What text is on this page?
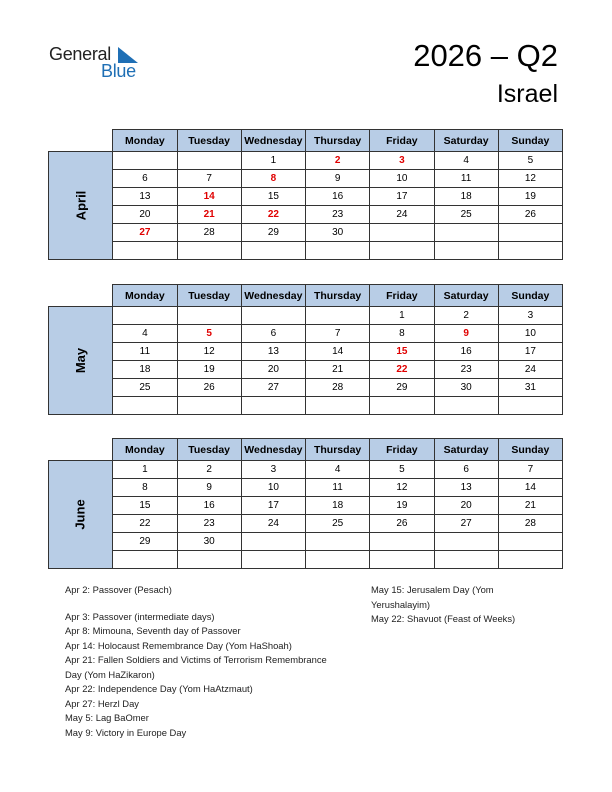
General
Blue	2026 – Q2
Israel
	Monday	Tuesday	Wednesday	Thursday	Friday	Saturday	Sunday
April			1	2	3	4	5
	6	7	8	9	10	11	12
	13	14	15	16	17	18	19
	20	21	22	23	24	25	26
	27	28	29	30			

	Monday	Tuesday	Wednesday	Thursday	Friday	Saturday	Sunday
May					1	2	3
	4	5	6	7	8	9	10
	11	12	13	14	15	16	17
	18	19	20	21	22	23	24
	25	26	27	28	29	30	31

	Monday	Tuesday	Wednesday	Thursday	Friday	Saturday	Sunday
June	1	2	3	4	5	6	7
	8	9	10	11	12	13	14
	15	16	17	18	19	20	21
	22	23	24	25	26	27	28
	29	30					

Apr 2: Passover (Pesach)
Apr 3: Passover (intermediate days)
Apr 8: Mimouna, Seventh day of Passover
Apr 14: Holocaust Remembrance Day (Yom HaShoah)
Apr 21: Fallen Soldiers and Victims of Terrorism Remembrance
Day (Yom HaZikaron)
Apr 22: Independence Day (Yom HaAtzmaut)
Apr 27: Herzl Day
May 5: Lag BaOmer
May 9: Victory in Europe Day
May 15: Jerusalem Day (Yom
Yerushalayim)
May 22: Shavuot (Feast of Weeks)
